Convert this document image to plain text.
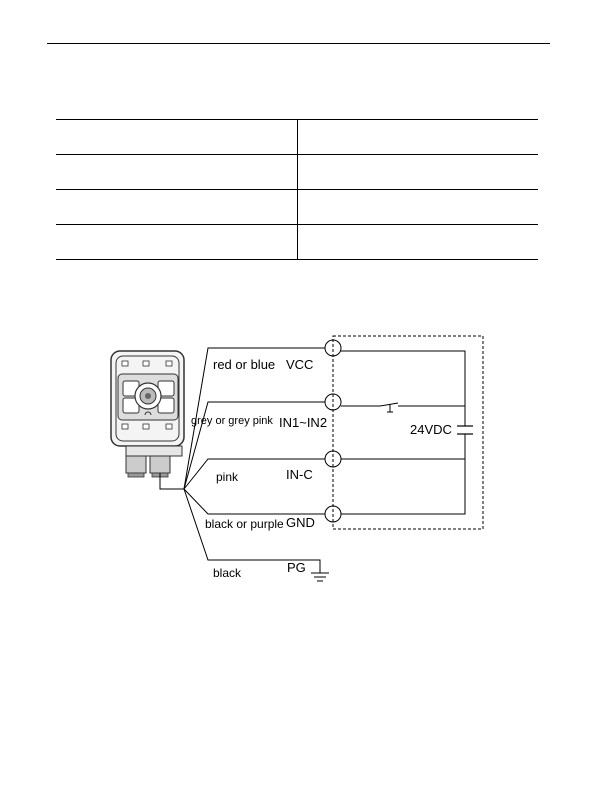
red or blue VCC
grey or grey pink IN1~IN2
pink	IN-C
black or purple GND
black	PG
24VDC
